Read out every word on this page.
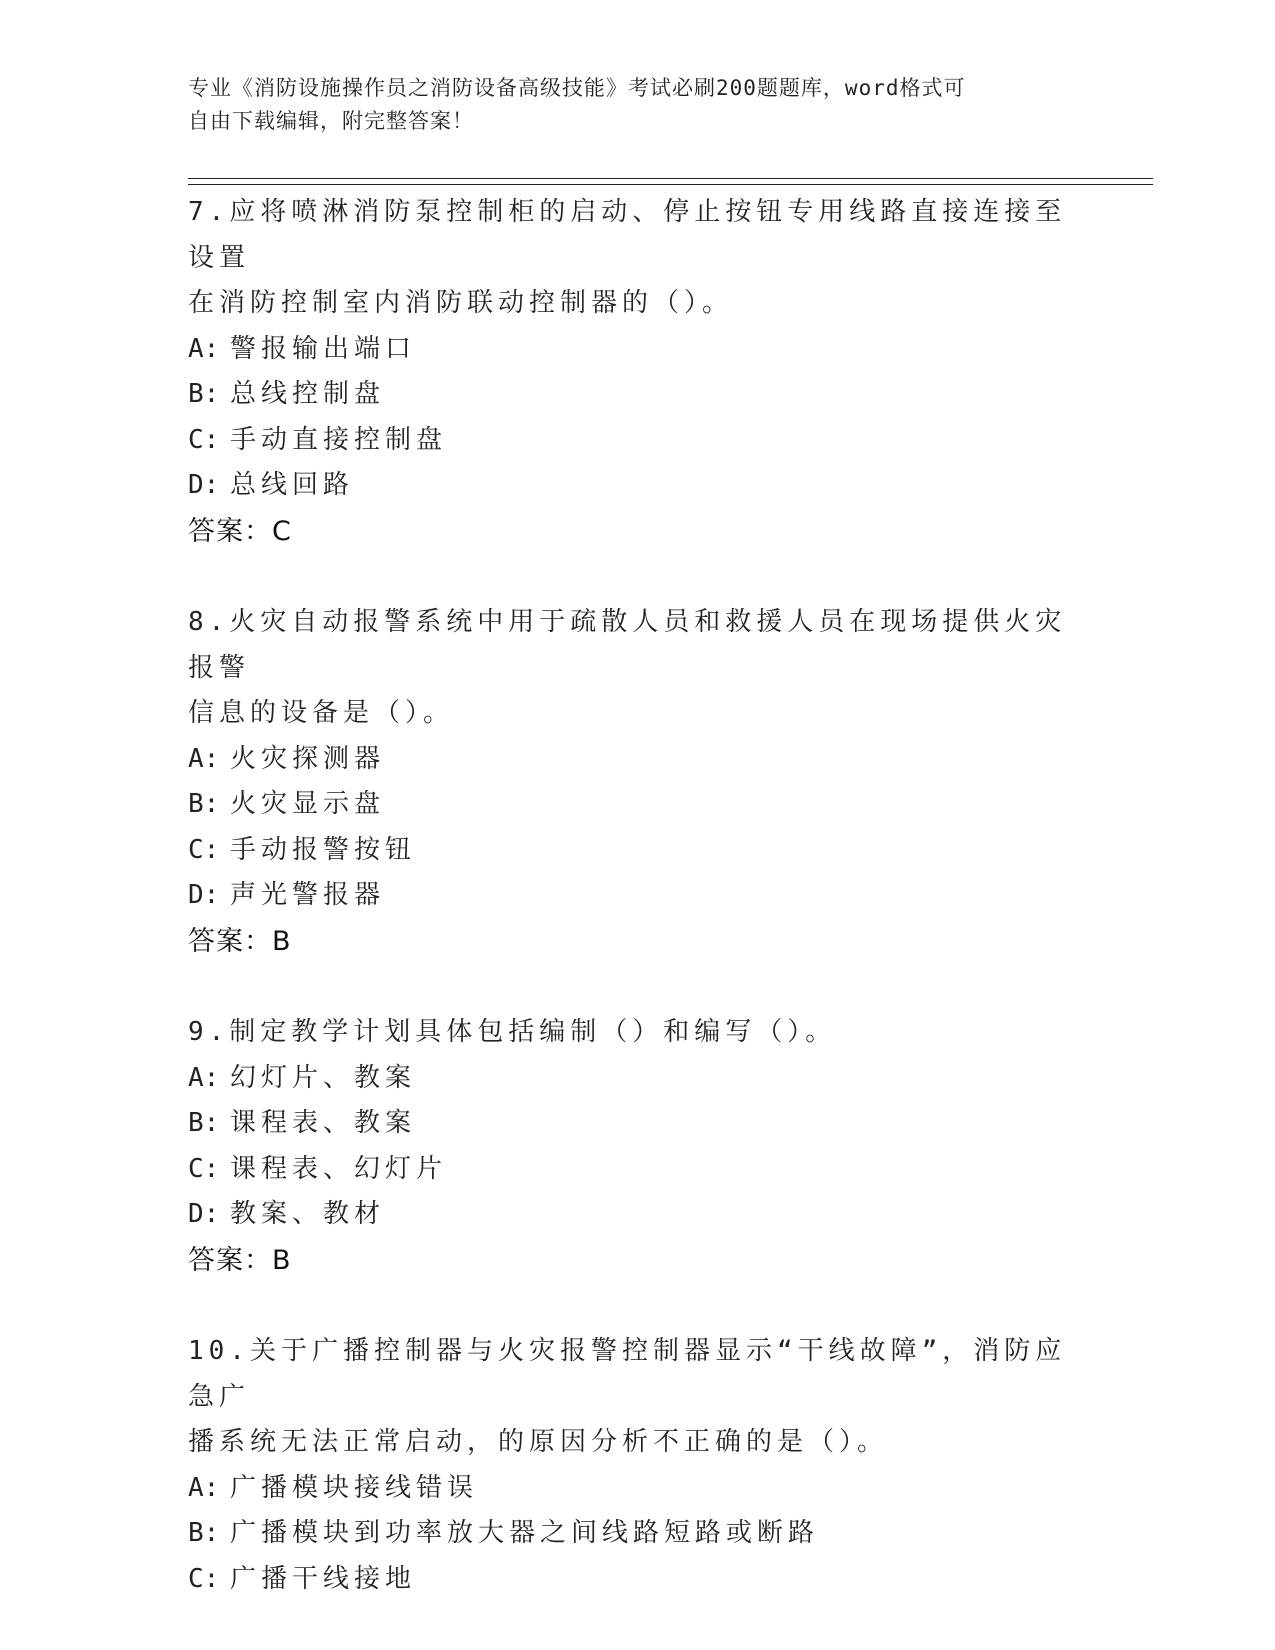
专业《消防设施操作员之消防设备高级技能》考试必刷200题题库，word格式可
自由下载编辑，附完整答案！

7.应将喷淋消防泵控制柜的启动、停止按钮专用线路直接连接至设置

在消防控制室内消防联动控制器的（）。

A: 警报输出端口

B: 总线控制盘

C: 手动直接控制盘

D: 总线回路

答案：C

8.火灾自动报警系统中用于疏散人员和救援人员在现场提供火灾报警

信息的设备是（）。

A: 火灾探测器

B: 火灾显示盘

C: 手动报警按钮

D: 声光警报器

答案：B

9.制定教学计划具体包括编制（）和编写（）。

A: 幻灯片、教案

B: 课程表、教案

C: 课程表、幻灯片

D: 教案、教材

答案：B

10.关于广播控制器与火灾报警控制器显示“干线故障”，消防应急广

播系统无法正常启动，的原因分析不正确的是（）。

A: 广播模块接线错误

B: 广播模块到功率放大器之间线路短路或断路

C: 广播干线接地
